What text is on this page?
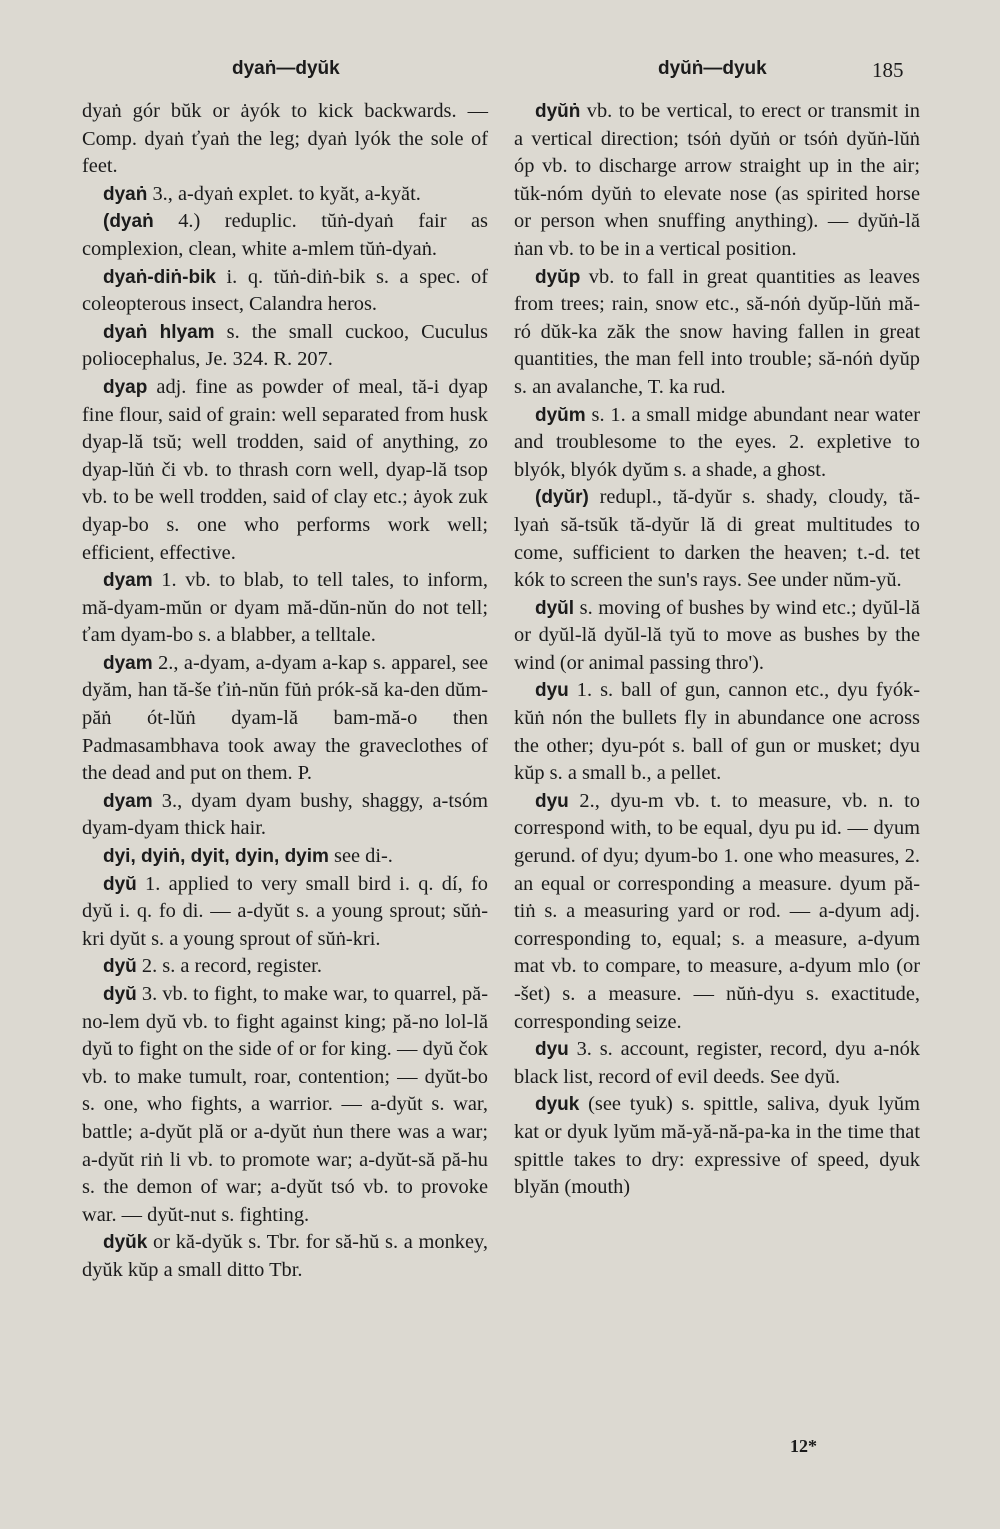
dyaṅ—dyŭk	dyŭṅ—dyuk	185

dyaṅ gór bŭk or ȧyók to kick backwards. — Comp. dyaṅ ťyaṅ the leg; dyaṅ lyók the sole of feet.

dyaṅ 3., a-dyaṅ explet. to kyăt, a-kyăt.

(dyaṅ 4.) reduplic. tŭṅ-dyaṅ fair as complexion, clean, white a-mlem tŭṅ-dyaṅ.

dyaṅ-diṅ-bik i. q. tŭṅ-diṅ-bik s. a spec. of coleopterous insect, Calandra heros.

dyaṅ hlyam s. the small cuckoo, Cuculus poliocephalus, Je. 324. R. 207.

dyap adj. fine as powder of meal, tă-i dyap fine flour, said of grain: well separated from husk dyap-lă tsŭ; well trodden, said of anything, zo dyap-lŭṅ či vb. to thrash corn well, dyap-lă tsop vb. to be well trodden, said of clay etc.; ȧyok zuk dyap-bo s. one who performs work well; efficient, effective.

dyam 1. vb. to blab, to tell tales, to inform, mă-dyam-mŭn or dyam mă-dŭn-nŭn do not tell; ťam dyam-bo s. a blabber, a telltale.

dyam 2., a-dyam, a-dyam a-kap s. apparel, see dyăm, han tă-še ťiṅ-nŭn fŭṅ prók-să ka-den dŭm-păṅ ót-lŭṅ dyam-lă bam-mă-o then Padmasambhava took away the graveclothes of the dead and put on them. P.

dyam 3., dyam dyam bushy, shaggy, a-tsóm dyam-dyam thick hair.

dyi, dyiṅ, dyit, dyin, dyim see di-.

dyŭ 1. applied to very small bird i. q. dí, fo dyŭ i. q. fo di. — a-dyŭt s. a young sprout; sŭṅ-kri dyŭt s. a young sprout of sŭṅ-kri.

dyŭ 2. s. a record, register.

dyŭ 3. vb. to fight, to make war, to quarrel, pă-no-lem dyŭ vb. to fight against king; pă-no lol-lă dyŭ to fight on the side of or for king. — dyŭ čok vb. to make tumult, roar, contention; — dyŭt-bo s. one, who fights, a warrior. — a-dyŭt s. war, battle; a-dyŭt plă or a-dyŭt ṅun there was a war; a-dyŭt riṅ li vb. to promote war; a-dyŭt-să pă-hu s. the demon of war; a-dyŭt tsó vb. to provoke war. — dyŭt-nut s. fighting.

dyŭk or kă-dyŭk s. Tbr. for să-hŭ s. a monkey, dyŭk kŭp a small ditto Tbr.

dyŭṅ vb. to be vertical, to erect or transmit in a vertical direction; tsóṅ dyŭṅ or tsóṅ dyŭṅ-lŭṅ óp vb. to discharge arrow straight up in the air; tŭk-nóm dyŭṅ to elevate nose (as spirited horse or person when snuffing anything). — dyŭṅ-lă ṅan vb. to be in a vertical position.

dyŭp vb. to fall in great quantities as leaves from trees; rain, snow etc., să-nóṅ dyŭp-lŭṅ mă-ró dŭk-ka zăk the snow having fallen in great quantities, the man fell into trouble; să-nóṅ dyŭp s. an avalanche, T. ka rud.

dyŭm s. 1. a small midge abundant near water and troublesome to the eyes. 2. expletive to blyók, blyók dyŭm s. a shade, a ghost.

(dyŭr) redupl., tă-dyŭr s. shady, cloudy, tă-lyaṅ să-tsŭk tă-dyŭr lă di great multitudes to come, sufficient to darken the heaven; t.-d. tet kók to screen the sun's rays. See under nŭm-yŭ.

dyŭl s. moving of bushes by wind etc.; dyŭl-lă or dyŭl-lă dyŭl-lă tyŭ to move as bushes by the wind (or animal passing thro').

dyu 1. s. ball of gun, cannon etc., dyu fyók-kŭṅ nón the bullets fly in abundance one across the other; dyu-pót s. ball of gun or musket; dyu kŭp s. a small b., a pellet.

dyu 2., dyu-m vb. t. to measure, vb. n. to correspond with, to be equal, dyu pu id. — dyum gerund. of dyu; dyum-bo 1. one who measures, 2. an equal or corresponding a measure. dyum pă-tiṅ s. a measuring yard or rod. — a-dyum adj. corresponding to, equal; s. a measure, a-dyum mat vb. to compare, to measure, a-dyum mlo (or -šet) s. a measure. — nŭṅ-dyu s. exactitude, corresponding seize.

dyu 3. s. account, register, record, dyu a-nók black list, record of evil deeds. See dyŭ.

dyuk (see tyuk) s. spittle, saliva, dyuk lyŭm kat or dyuk lyŭm mă-yă-nă-pa-ka in the time that spittle takes to dry: expressive of speed, dyuk blyăn (mouth)

12*
